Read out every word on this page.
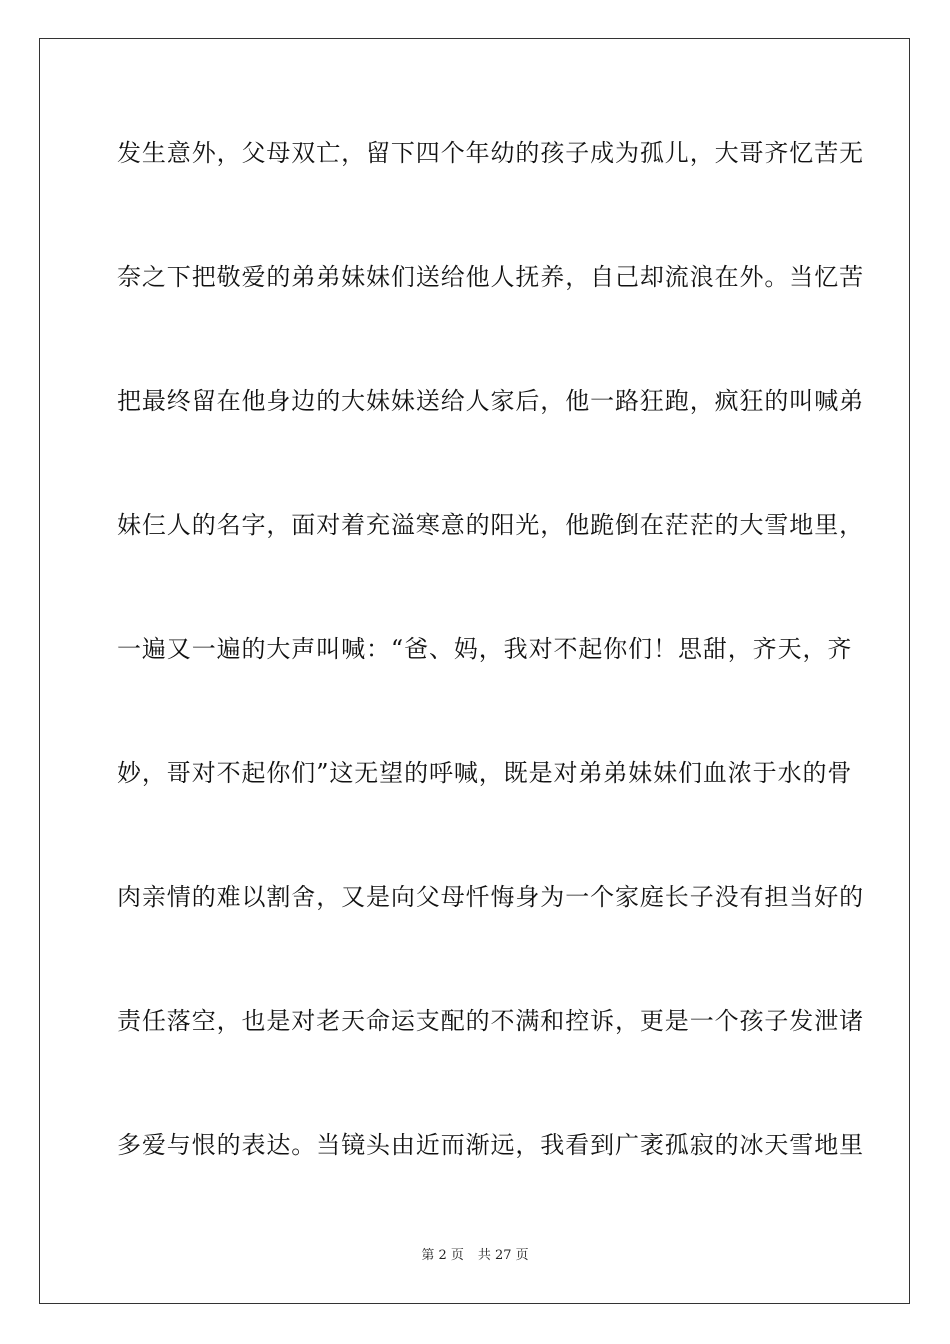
发生意外，父母双亡，留下四个年幼的孩子成为孤儿，大哥齐忆苦无
奈之下把敬爱的弟弟妹妹们送给他人抚养，自己却流浪在外。当忆苦
把最终留在他身边的大妹妹送给人家后，他一路狂跑，疯狂的叫喊弟
妹仨人的名字，面对着充溢寒意的阳光，他跪倒在茫茫的大雪地里，
一遍又一遍的大声叫喊：“爸、妈，我对不起你们！思甜，齐天，齐
妙，哥对不起你们”这无望的呼喊，既是对弟弟妹妹们血浓于水的骨
肉亲情的难以割舍，又是向父母忏悔身为一个家庭长子没有担当好的
责任落空，也是对老天命运支配的不满和控诉，更是一个孩子发泄诸
多爱与恨的表达。当镜头由近而渐远，我看到广袤孤寂的冰天雪地里
第 2 页 共 27 页
